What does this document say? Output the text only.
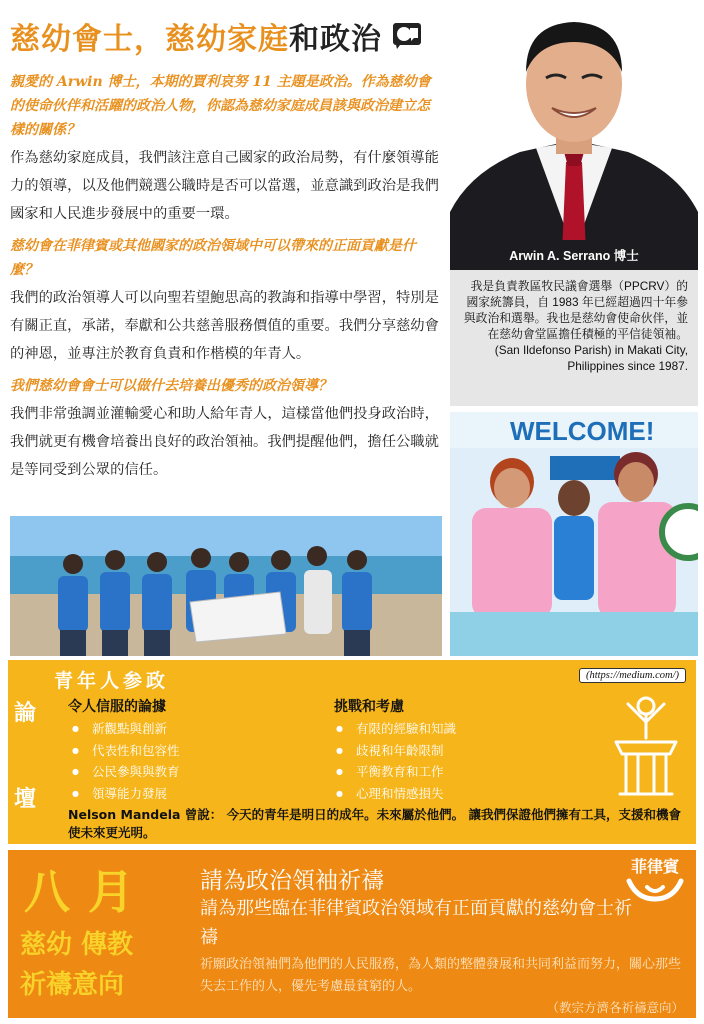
慈幼會士，慈幼家庭 和政治
親愛的 Arwin 博士，本期的賈利哀努 11 主題是政治。作為慈幼會的使命伙伴和活躍的政治人物，你認為慈幼家庭成員該與政治建立怎樣的關係？
作為慈幼家庭成員，我們該注意自己國家的政治局勢，有什麼領導能力的領導，以及他們競選公職時是否可以當選，並意識到政治是我們國家和人民進步發展中的重要一環。
慈幼會在菲律賓或其他國家的政治領域中可以帶來的正面貢獻是什麼？
我們的政治領導人可以向聖若望鮑思高的教誨和指導中學習，特別是有關正直，承諾，奉獻和公共慈善服務價值的重要。我們分享慈幼會的神恩，並專注於教育負責和作楷模的年青人。
我們慈幼會會士可以做什去培養出優秀的政治領導？
我們非常強調並灌輸愛心和助人給年青人，這樣當他們投身政治時，我們就更有機會培養出良好的政治領袖。我們提醒他們，擔任公職就是等同受到公眾的信任。
Arwin A. Serrano 博士
我是負責教區牧民議會選舉（PPCRV）的國家統籌員，自 1983 年已經超過四十年參與政治和選舉。我也是慈幼會使命伙伴，並在慈幼會堂區擔任積極的平信徒領袖。
(San Ildefonso Parish) in Makati City, Philippines since 1987.
WELCOME!
論
壇
青年人参政	(https://medium.com/)
令人信服的論據
● 新觀點與創新
● 代表性和包容性
● 公民參與與教育
● 領導能力發展
挑戰和考慮
● 有限的經驗和知識
● 歧視和年齡限制
● 平衡教育和工作
● 心理和情感損失
Nelson Mandela 曾說： 今天的青年是明日的成年。未來屬於他們。 讓我們保證他們擁有工具，支援和機會使未來更光明。
八月
慈幼 傳教
祈禱意向
請為政治領袖祈禱
請為那些臨在菲律賓政治領域有正面貢獻的慈幼會士祈禱
祈願政治領袖們為他們的人民服務，為人類的整體發展和共同利益而努力，關心那些失去工作的人，優先考慮最貧窮的人。
（教宗方濟各祈禱意向）
菲律賓
